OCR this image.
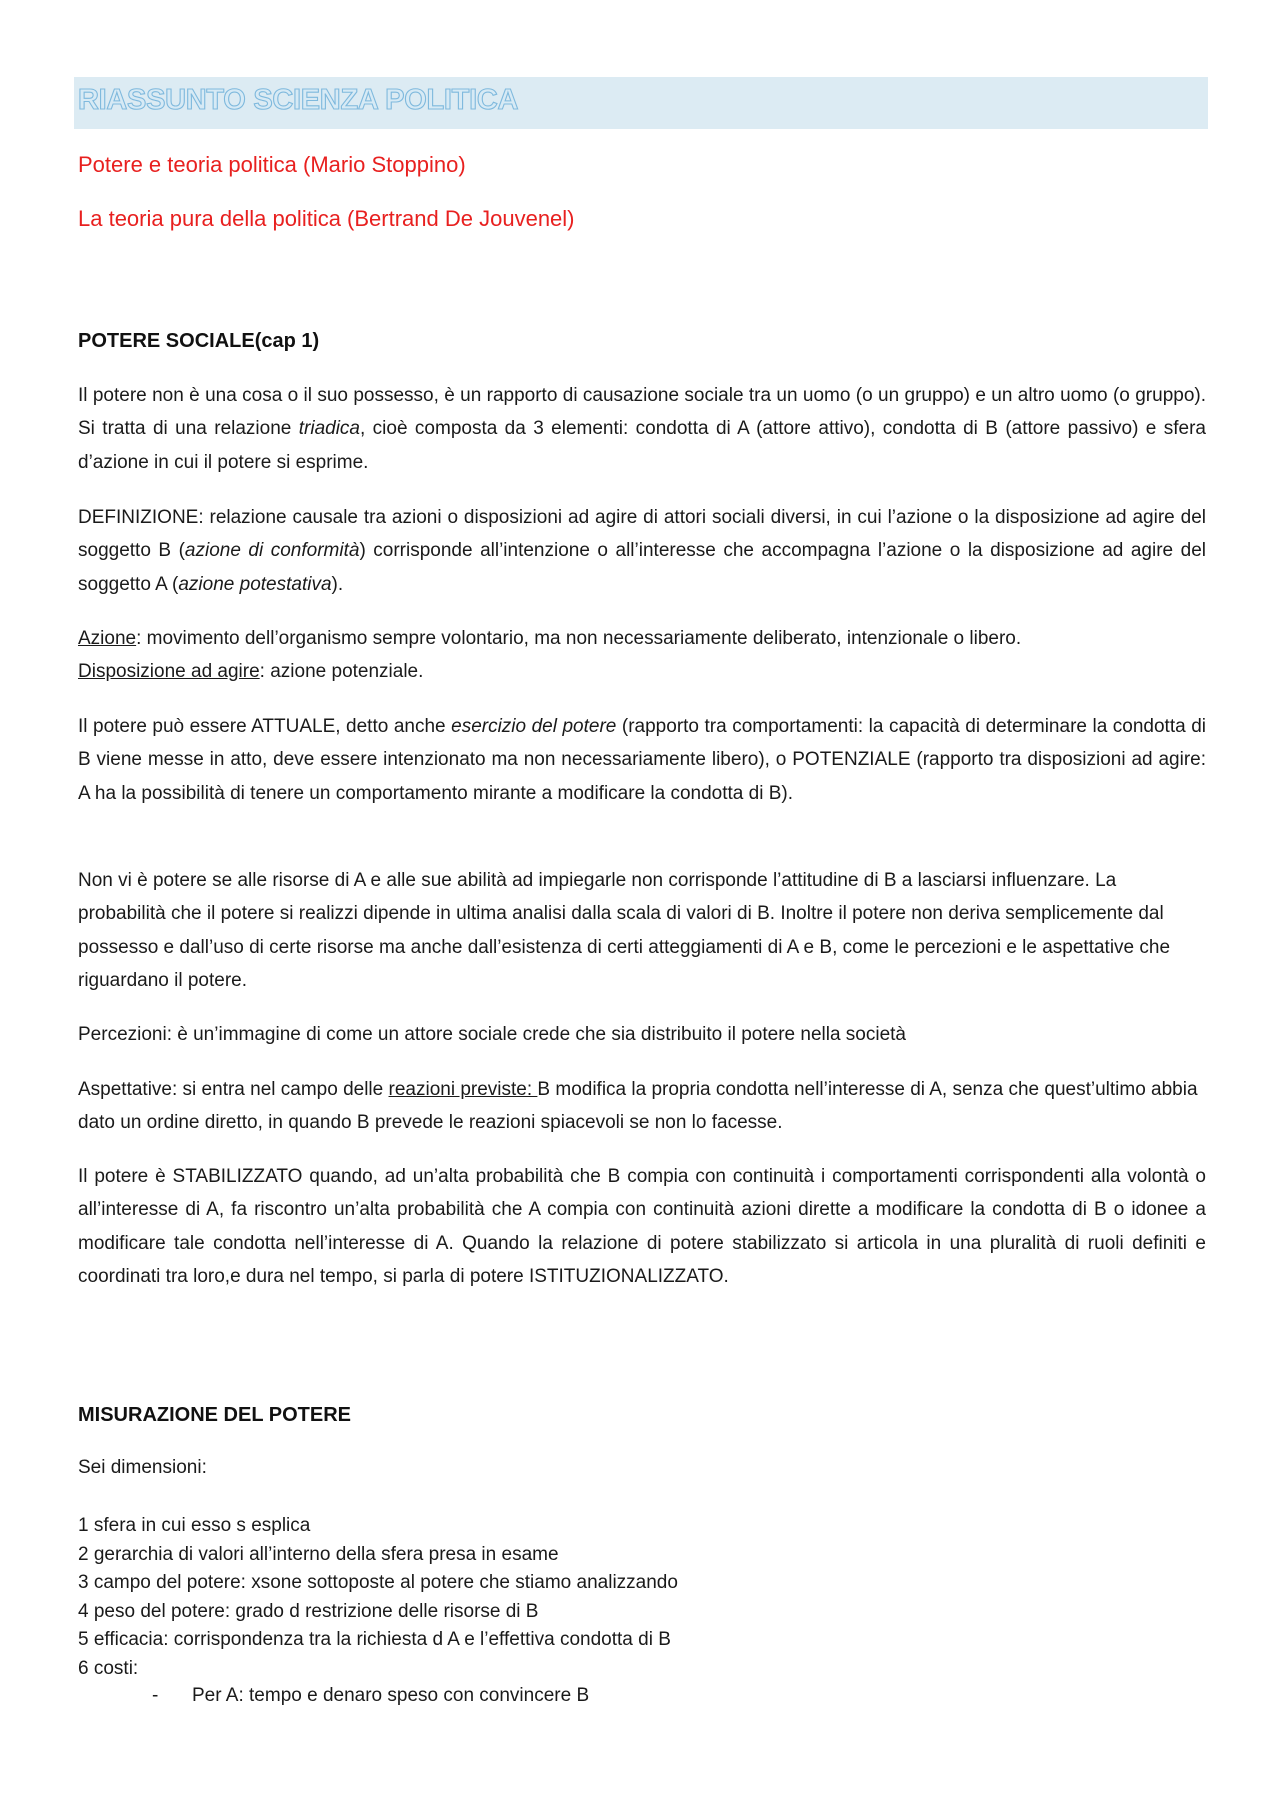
RIASSUNTO SCIENZA POLITICA
Potere e teoria politica (Mario Stoppino)
La teoria pura della politica (Bertrand De Jouvenel)
POTERE SOCIALE(cap 1)

Il potere non è una cosa o il suo possesso, è un rapporto di causazione sociale tra un uomo (o un gruppo) e un altro uomo (o gruppo). Si tratta di una relazione triadica, cioè composta da 3 elementi: condotta di A (attore attivo), condotta di B (attore passivo) e sfera d’azione in cui il potere si esprime.

DEFINIZIONE: relazione causale tra azioni o disposizioni ad agire di attori sociali diversi, in cui l’azione o la disposizione ad agire del soggetto B (azione di conformità) corrisponde all’intenzione o all’interesse che accompagna l’azione o la disposizione ad agire del soggetto A (azione potestativa).

Azione: movimento dell’organismo sempre volontario, ma non necessariamente deliberato, intenzionale o libero.
Disposizione ad agire: azione potenziale.

Il potere può essere ATTUALE, detto anche esercizio del potere (rapporto tra comportamenti: la capacità di determinare la condotta di B viene messe in atto, deve essere intenzionato ma non necessariamente libero), o POTENZIALE (rapporto tra disposizioni ad agire: A ha la possibilità di tenere un comportamento mirante a modificare la condotta di B).

Non vi è potere se alle risorse di A e alle sue abilità ad impiegarle non corrisponde l’attitudine di B a lasciarsi influenzare. La probabilità che il potere si realizzi dipende in ultima analisi dalla scala di valori di B. Inoltre il potere non deriva semplicemente dal possesso e dall’uso di certe risorse ma anche dall’esistenza di certi atteggiamenti di A e B, come le percezioni e le aspettative che riguardano il potere.

Percezioni: è un’immagine di come un attore sociale crede che sia distribuito il potere nella società

Aspettative: si entra nel campo delle reazioni previste: B modifica la propria condotta nell’interesse di A, senza che quest’ultimo abbia dato un ordine diretto, in quando B prevede le reazioni spiacevoli se non lo facesse.

Il potere è STABILIZZATO quando, ad un’alta probabilità che B compia con continuità i comportamenti corrispondenti alla volontà o all’interesse di A, fa riscontro un’alta probabilità che A compia con continuità azioni dirette a modificare la condotta di B o idonee a modificare tale condotta nell’interesse di A. Quando la relazione di potere stabilizzato si articola in una pluralità di ruoli definiti e coordinati tra loro,e dura nel tempo, si parla di potere ISTITUZIONALIZZATO.

MISURAZIONE DEL POTERE

Sei dimensioni:

1 sfera in cui esso s esplica
2 gerarchia di valori all’interno della sfera presa in esame
3 campo del potere: xsone sottoposte al potere che stiamo analizzando
4 peso del potere: grado d restrizione delle risorse di B
5 efficacia: corrispondenza tra la richiesta d A e l’effettiva condotta di B
6 costi:
- Per A: tempo e denaro speso con convincere B
